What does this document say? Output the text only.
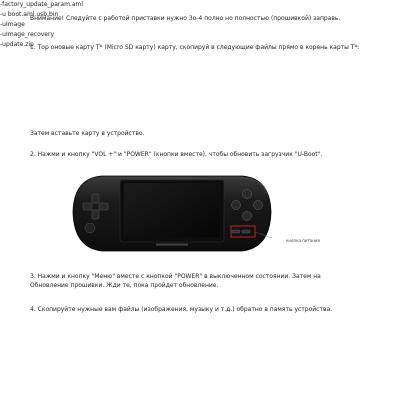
Внимание! Следуйте с работой приставки нужно 3о-4 полно но полностью (прошивкой) заправь.
1. Тор оновые карту Т* (Micro SD карту) карту, скопируй в следующие файлы прямо в корень карты Т*:
-factory_update_param.aml
-u boot.aml.usb.bin
-uImage
-uImage_recovery
-update.zip
Затем вставьте карту в устройство.
2. Нажми и кнопку "VOL +" и "POWER" (кнопки вместе), чтобы обновить загрузчик "U-Boot".
кнопка питания
3. Нажми и кнопку "Меню" вместе с кнопкой "POWER" в выключенном состоянии. Затем на Обновление прошивки. Жди те, пока пройдет обновление.
4. Скопируйте нужные вам файлы (изображения, музыку и т.д.) обратно в память устройства.
